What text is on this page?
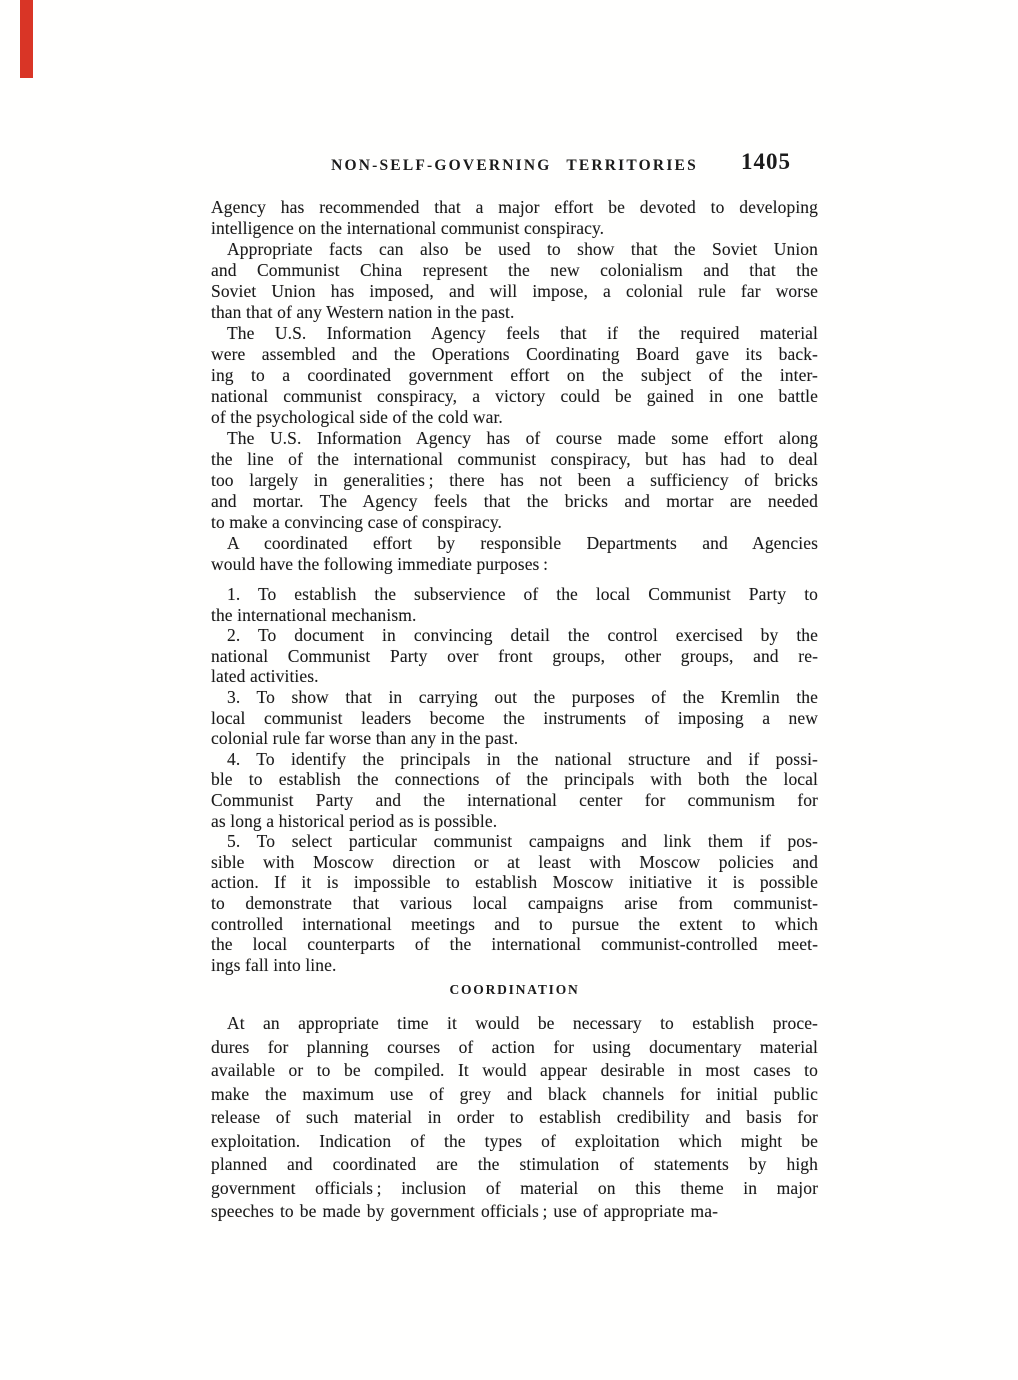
NON-SELF-GOVERNING TERRITORIES	1405
Agency has recommended that a major effort be devoted to developing
intelligence on the international communist conspiracy.
Appropriate facts can also be used to show that the Soviet Union
and Communist China represent the new colonialism and that the
Soviet Union has imposed, and will impose, a colonial rule far worse
than that of any Western nation in the past.
The U.S. Information Agency feels that if the required material
were assembled and the Operations Coordinating Board gave its back-
ing to a coordinated government effort on the subject of the inter-
national communist conspiracy, a victory could be gained in one battle
of the psychological side of the cold war.
The U.S. Information Agency has of course made some effort along
the line of the international communist conspiracy, but has had to deal
too largely in generalities ; there has not been a sufficiency of bricks
and mortar. The Agency feels that the bricks and mortar are needed
to make a convincing case of conspiracy.
A coordinated effort by responsible Departments and Agencies
would have the following immediate purposes :
1. To establish the subservience of the local Communist Party to
the international mechanism.
2. To document in convincing detail the control exercised by the
national Communist Party over front groups, other groups, and re-
lated activities.
3. To show that in carrying out the purposes of the Kremlin the
local communist leaders become the instruments of imposing a new
colonial rule far worse than any in the past.
4. To identify the principals in the national structure and if possi-
ble to establish the connections of the principals with both the local
Communist Party and the international center for communism for
as long a historical period as is possible.
5. To select particular communist campaigns and link them if pos-
sible with Moscow direction or at least with Moscow policies and
action. If it is impossible to establish Moscow initiative it is possible
to demonstrate that various local campaigns arise from communist-
controlled international meetings and to pursue the extent to which
the local counterparts of the international communist-controlled meet-
ings fall into line.
COORDINATION
At an appropriate time it would be necessary to establish proce-
dures for planning courses of action for using documentary material
available or to be compiled. It would appear desirable in most cases to
make the maximum use of grey and black channels for initial public
release of such material in order to establish credibility and basis for
exploitation. Indication of the types of exploitation which might be
planned and coordinated are the stimulation of statements by high
government officials ; inclusion of material on this theme in major
speeches to be made by government officials ; use of appropriate ma-
